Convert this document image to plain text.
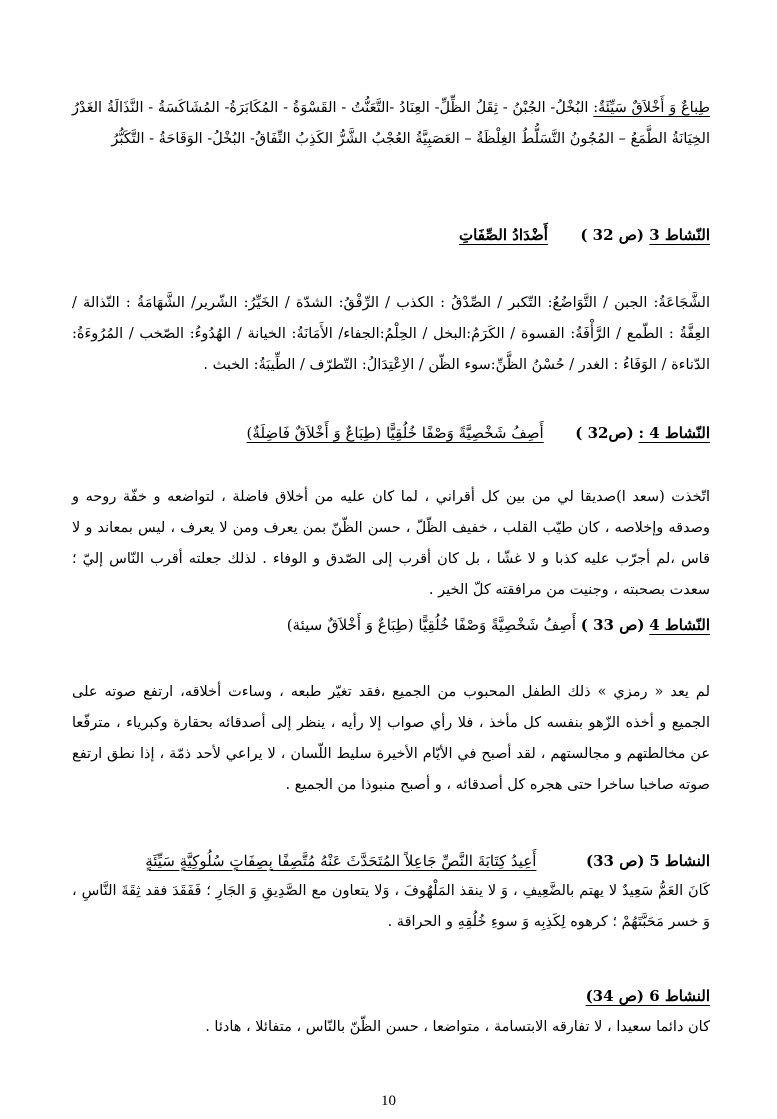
طِباعٌ وَ أَخْلاَقٌ سَيِّئَةٌ: البُخْلُ- الجُبْنُ - ثِقَلُ الظِّلِّ- العِنَادُ -التَّعَنُّتُ - القَسْوَةُ - المُكَابَرَةُ- المُشَاكَسَةُ - النَّذَالَةُ الغَدْرُ الخِيَانَةُ الطَّمَعُ – المُجُونُ التَّسَلُّطُ الغِلْظَةُ – العَصَبِيَّةُ العُجْبُ الشَّرُّ الكَذِبُ النِّفَاقُ- البُخْلُ- الوَقَاحَةُ - التَّكَبُّرُ
النّشاط 3 (ص 32 )  أَضْدَادُ الصِّفَاتِ
الشَّجَاعَةُ: الجبن / التَّوَاضُعُ: التّكبر / الصِّدْقُ : الكذب / الرِّفْقُ: الشدّة / الخَيِّرُ: الشّرير/ الشَّهَامَةُ : النّذالة / العِفَّةُ : الطّمع / الرَّأْفَةُ: القسوة / الكَرَمُ:البخل / الحِلْمُ:الجفاء/ الأَمَانَةُ: الخيانة / الهُدُوءُ: الصّخب / المُرُوءَةُ: الدّناءة / الوَفَاءُ : الغدر / حُسْنُ الظَّنِّ:سوء الظّن / الاِعْتِدَالُ: التّطرّف / الطِّيبَةُ: الخبث .
النّشاط 4 : (ص32 )  أَصِفُ شَخْصِيَّةً وَصْفًا خُلُقِيًّا (طِبَاعٌ وَ أَخْلاَقٌ فَاضِلَةٌ)
اتّخذت (سعد ا)صديقا لي من بين كل أقراني ، لما كان عليه من أخلاق فاضلة ، لتواضعه و خفّة روحه و وصدقه وإخلاصه ، كان طيّب القلب ، خفيف الظّلّ ، حسن الظّنّ بمن يعرف ومن لا يعرف ، ليس بمعاند و لا قاس ،لم أجرّب عليه كذبا و لا غشّا ، بل كان أقرب إلى الصّدق و الوفاء . لذلك جعلته أقرب النّاس إليّ ؛ سعدت بصحبته ، وجنيت من مرافقته كلّ الخير .
النّشاط 4 (ص 33 ) أَصِفُ شَخْصِيَّةً وَصْفًا خُلُقِيًّا (طِبَاعٌ وَ أَخْلاَقٌ سيئة)
لم يعد « رمزي » ذلك الطفل المحبوب من الجميع ،فقد تغيّر طبعه ، وساءت أخلاقه، ارتفع صوته على الجميع و أخذه الزّهو بنفسه كل مأخذ ، فلا رأي صواب إلا رأيه ، ينظر إلى أصدقائه بحقارة وكبرياء ، مترفّعا عن مخالطتهم و مجالستهم ، لقد أصبح في الأيّام الأخيرة سليط اللّسان ، لا يراعي لأحد ذمّة ، إذا نطق ارتفع صوته صاخبا ساخرا حتى هجره كل أصدقائه ، و أصبح منبوذا من الجميع .
النشاط 5 (ص 33)  أَعِيدُ كِتَابَةَ النَّصِّ جَاعِلاً المُتَحَدَّثَ عَنْهُ مُتَّصِفًا بِصِفَاتٍ سُلُوكِيَّةٍ سَيِّئَةٍ
كَانَ العَمُّ سَعِيدٌ لا يهتم بالضَّعِيفِ ، وَ لا ينقذ المَلْهُوفَ ، وَلا يتعاون مع الصَّدِيقِ وَ الجَارِ ؛ فَفَقَدَ فقد ثِقَةَ النَّاسِ ، وَ خسر مَحَبَّتَهُمْ ؛ كرهوه لِكَذِبِه وَ سوءِ خُلُقِهِ و الحراقة .
النشاط 6 (ص 34)
كان دائما سعيدا ، لا تفارقه الابتسامة ، متواضعا ، حسن الظّنّ بالنّاس ، متفائلا ، هادئا .
10
